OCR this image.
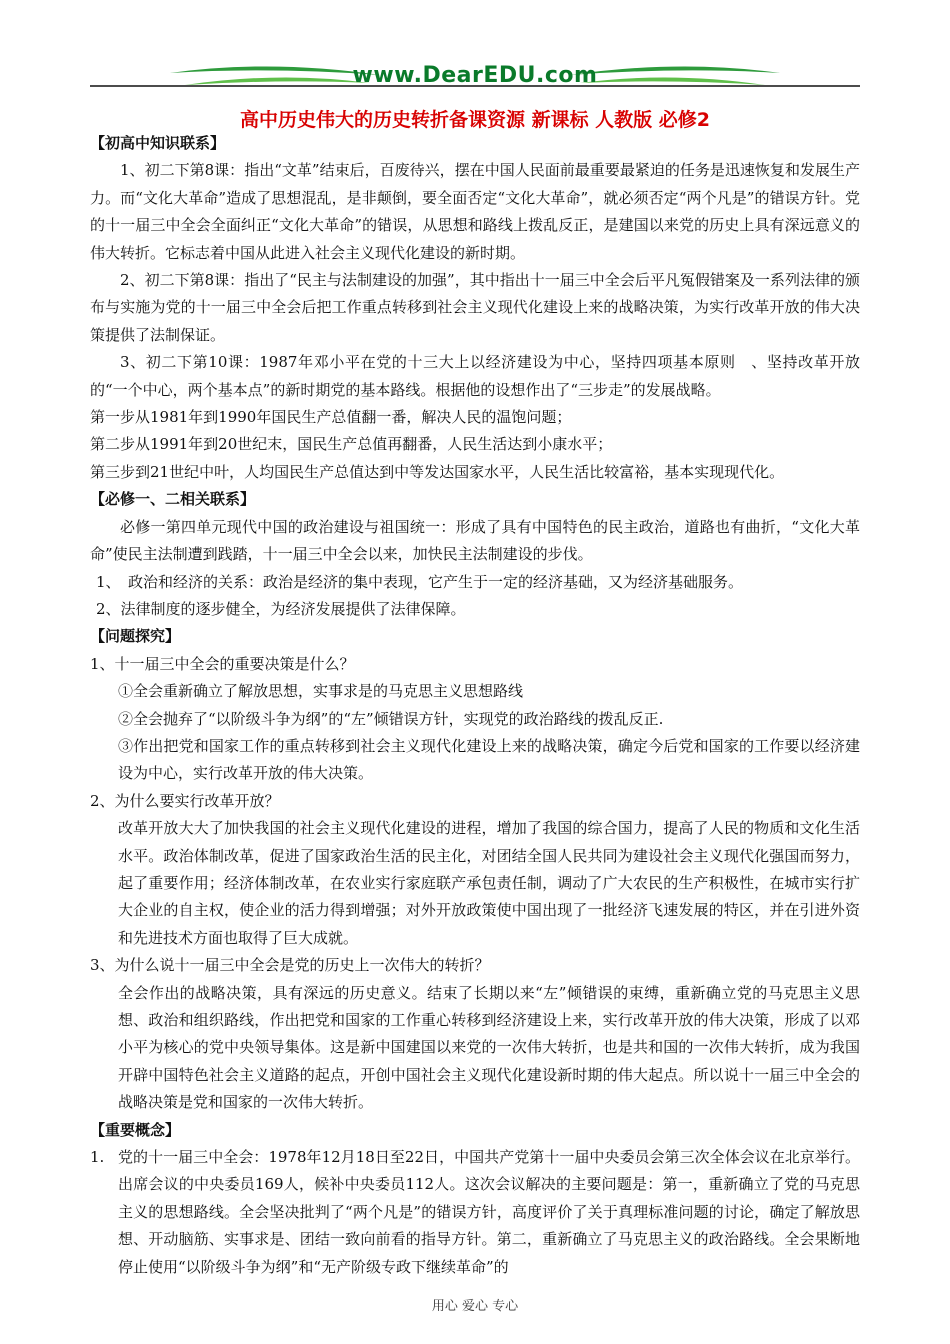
www.DearEDU.com
高中历史伟大的历史转折备课资源 新课标 人教版 必修2

【初高中知识联系】

1、初二下第8课：指出“文革”结束后，百废待兴，摆在中国人民面前最重要最紧迫的任务是迅速恢复和发展生产力。而“文化大革命”造成了思想混乱，是非颠倒，要全面否定“文化大革命”，就必须否定“两个凡是”的错误方针。党的十一届三中全会全面纠正“文化大革命”的错误，从思想和路线上拨乱反正，是建国以来党的历史上具有深远意义的伟大转折。它标志着中国从此进入社会主义现代化建设的新时期。

2、初二下第8课：指出了“民主与法制建设的加强”，其中指出十一届三中全会后平凡冤假错案及一系列法律的颁布与实施为党的十一届三中全会后把工作重点转移到社会主义现代化建设上来的战略决策，为实行改革开放的伟大决策提供了法制保证。

3、初二下第10课：1987年邓小平在党的十三大上以经济建设为中心，坚持四项基本原则　、坚持改革开放的“一个中心，两个基本点”的新时期党的基本路线。根据他的设想作出了“三步走”的发展战略。

第一步从1981年到1990年国民生产总值翻一番，解决人民的温饱问题；

第二步从1991年到20世纪末，国民生产总值再翻番，人民生活达到小康水平；

第三步到21世纪中叶，人均国民生产总值达到中等发达国家水平，人民生活比较富裕，基本实现现代化。

【必修一、二相关联系】

必修一第四单元现代中国的政治建设与祖国统一：形成了具有中国特色的民主政治，道路也有曲折，“文化大革命”使民主法制遭到践踏，十一届三中全会以来，加快民主法制建设的步伐。

1、　政治和经济的关系：政治是经济的集中表现，它产生于一定的经济基础，又为经济基础服务。

2、法律制度的逐步健全，为经济发展提供了法律保障。

【问题探究】

1、十一届三中全会的重要决策是什么？

①全会重新确立了解放思想，实事求是的马克思主义思想路线

②全会抛弃了“以阶级斗争为纲”的“左”倾错误方针，实现党的政治路线的拨乱反正.

③作出把党和国家工作的重点转移到社会主义现代化建设上来的战略决策，确定今后党和国家的工作要以经济建设为中心，实行改革开放的伟大决策。

2、为什么要实行改革开放？

改革开放大大了加快我国的社会主义现代化建设的进程，增加了我国的综合国力，提高了人民的物质和文化生活水平。政治体制改革，促进了国家政治生活的民主化，对团结全国人民共同为建设社会主义现代化强国而努力，起了重要作用；经济体制改革，在农业实行家庭联产承包责任制，调动了广大农民的生产积极性，在城市实行扩大企业的自主权，使企业的活力得到增强；对外开放政策使中国出现了一批经济飞速发展的特区，并在引进外资和先进技术方面也取得了巨大成就。

3、为什么说十一届三中全会是党的历史上一次伟大的转折？

全会作出的战略决策，具有深远的历史意义。结束了长期以来“左”倾错误的束缚，重新确立党的马克思主义思想、政治和组织路线，作出把党和国家的工作重心转移到经济建设上来，实行改革开放的伟大决策，形成了以邓小平为核心的党中央领导集体。这是新中国建国以来党的一次伟大转折，也是共和国的一次伟大转折，成为我国开辟中国特色社会主义道路的起点，开创中国社会主义现代化建设新时期的伟大起点。所以说十一届三中全会的战略决策是党和国家的一次伟大转折。

【重要概念】

1. 党的十一届三中全会：1978年12月18日至22日，中国共产党第十一届中央委员会第三次全体会议在北京举行。出席会议的中央委员169人，候补中央委员112人。这次会议解决的主要问题是：第一，重新确立了党的马克思主义的思想路线。全会坚决批判了“两个凡是”的错误方针，高度评价了关于真理标准问题的讨论，确定了解放思想、开动脑筋、实事求是、团结一致向前看的指导方针。第二，重新确立了马克思主义的政治路线。全会果断地停止使用“以阶级斗争为纲”和“无产阶级专政下继续革命”的
用心 爱心 专心
